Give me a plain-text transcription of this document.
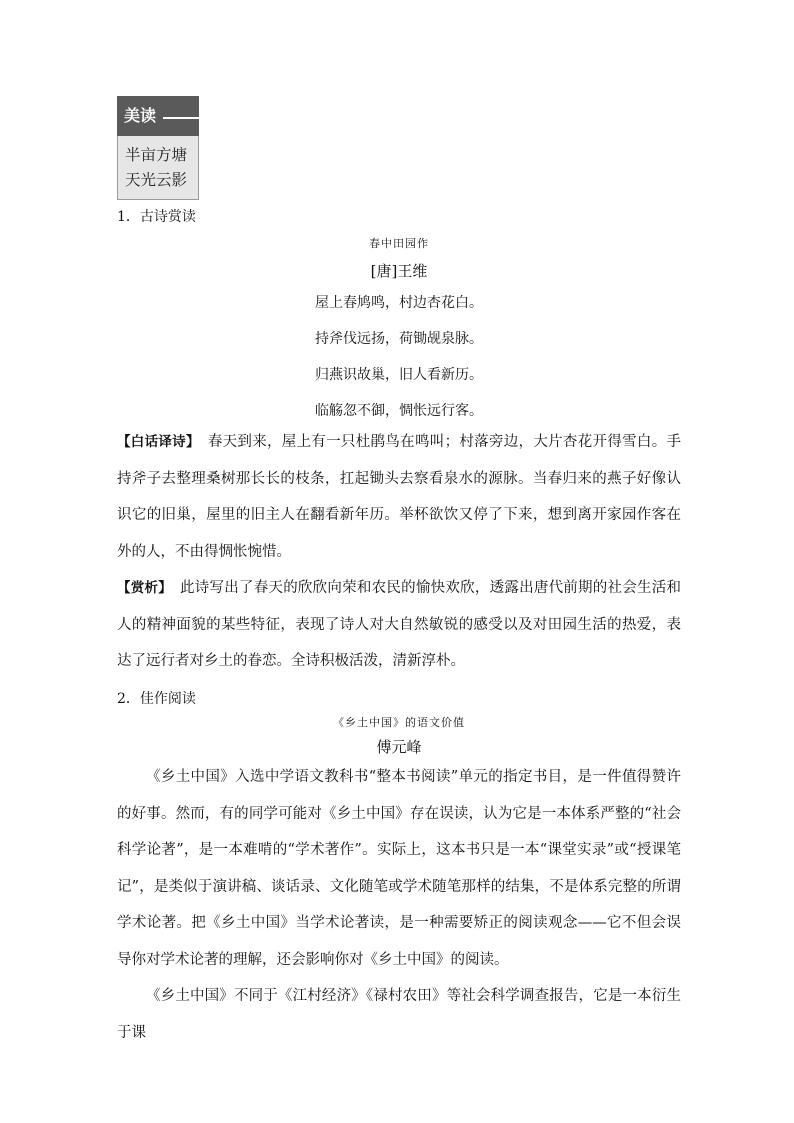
美读
半亩方塘
天光云影
1．古诗赏读
春中田园作
[唐]王维
屋上春鸠鸣，村边杏花白。
持斧伐远扬，荷锄觇泉脉。
归燕识故巢，旧人看新历。
临觞忽不御，惆怅远行客。
【白话译诗】　 春天到来，屋上有一只杜鹃鸟在鸣叫；村落旁边，大片杏花开得雪白。手持斧子去整理桑树那长长的枝条，扛起锄头去察看泉水的源脉。当春归来的燕子好像认识它的旧巢，屋里的旧主人在翻看新年历。举杯欲饮又停了下来，想到离开家园作客在外的人，不由得惆怅惋惜。
【赏析】　 此诗写出了春天的欣欣向荣和农民的愉快欢欣，透露出唐代前期的社会生活和人的精神面貌的某些特征，表现了诗人对大自然敏锐的感受以及对田园生活的热爱，表达了远行者对乡土的眷恋。全诗积极活泼，清新淳朴。
2．佳作阅读
《乡土中国》的语文价值
傅元峰
《乡土中国》入选中学语文教科书“整本书阅读”单元的指定书目，是一件值得赞许的好事。然而，有的同学可能对《乡土中国》存在误读，认为它是一本体系严整的“社会科学论著”，是一本难啃的“学术著作”。实际上，这本书只是一本“课堂实录”或“授课笔记”，是类似于演讲稿、谈话录、文化随笔或学术随笔那样的结集，不是体系完整的所谓学术论著。把《乡土中国》当学术论著读，是一种需要矫正的阅读观念——它不但会误导你对学术论著的理解，还会影响你对《乡土中国》的阅读。
《乡土中国》不同于《江村经济》《禄村农田》等社会科学调查报告，它是一本衍生于课
